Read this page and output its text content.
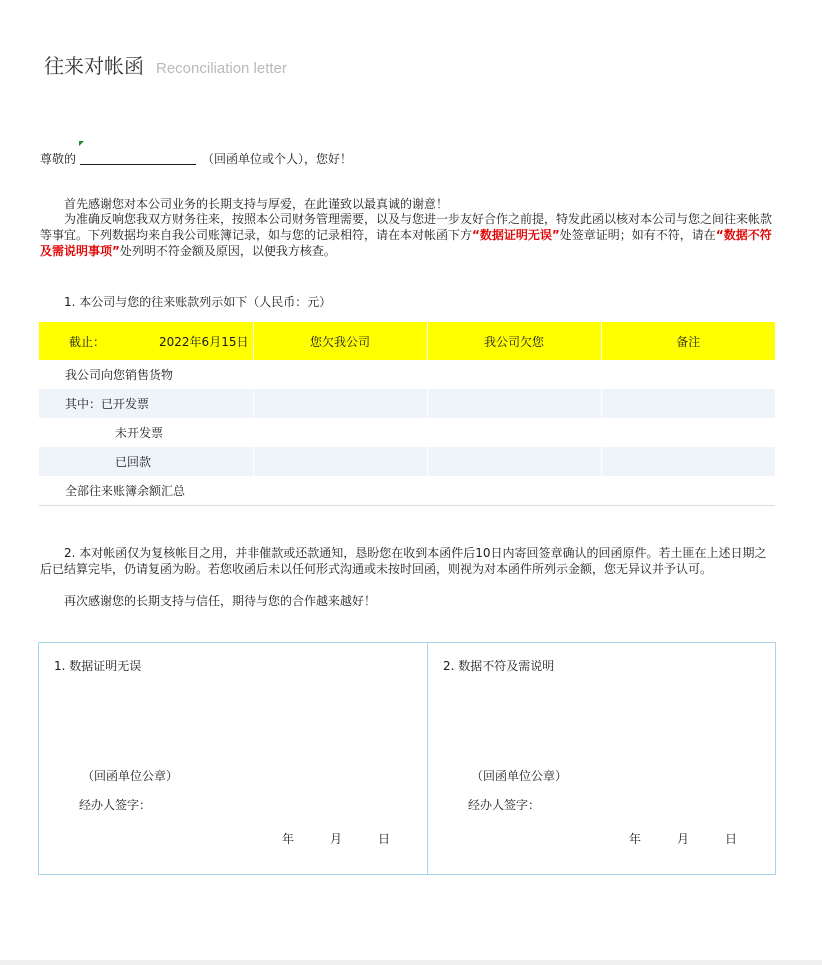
往来对帐函 Reconciliation letter
尊敬的	（回函单位或个人），您好！
首先感谢您对本公司业务的长期支持与厚爱，在此谨致以最真诚的谢意！
为准确反响您我双方财务往来，按照本公司财务管理需要，以及与您进一步友好合作之前提，特发此函以核对本公司与您之间往来帐款等事宜。下列数据均来自我公司账簿记录，如与您的记录相符，请在本对帐函下方“数据证明无误”处签章证明；如有不符，请在“数据不符及需说明事项”处列明不符金额及原因，以便我方核查。
1. 本公司与您的往来账款列示如下（人民币：元）
截止： 2022年6月15日	您欠我公司	我公司欠您	备注
我公司向您销售货物			
其中：已开发票			
未开发票			
已回款			
全部往来账簿余额汇总			
2. 本对帐函仅为复核帐目之用，并非催款或还款通知，恳盼您在收到本函件后10日内寄回签章确认的回函原件。若土匪在上述日期之后已结算完毕，仍请复函为盼。若您收函后未以任何形式沟通或未按时回函，则视为对本函件所列示金额，您无异议并予认可。
再次感谢您的长期支持与信任，期待与您的合作越来越好！
1. 数据证明无误
（回函单位公章）
经办人签字：
年	月	日
2. 数据不符及需说明
（回函单位公章）
经办人签字：
年	月	日
